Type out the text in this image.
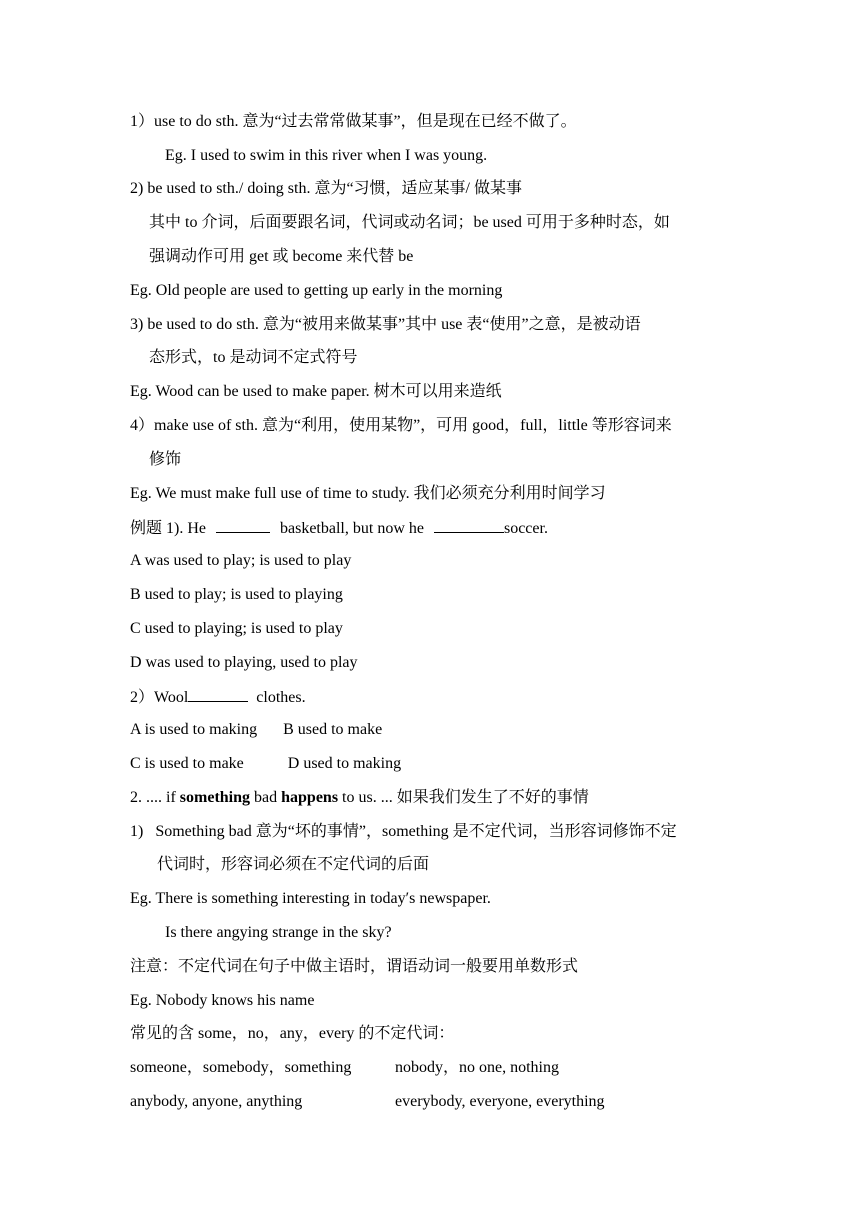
1）use to do sth. 意为“过去常常做某事”，但是现在已经不做了。
Eg. I used to swim in this river when I was young.
2) be used to sth./ doing sth. 意为“习惯，适应某事/ 做某事
其中 to 介词，后面要跟名词，代词或动名词；be used 可用于多种时态，如
强调动作可用 get 或 become 来代替 be
Eg. Old people are used to getting up early in the morning
3) be used to do sth. 意为“被用来做某事”其中 use 表“使用”之意，是被动语
态形式，to 是动词不定式符号
Eg. Wood can be used to make paper. 树木可以用来造纸
4）make use of sth. 意为“利用，使用某物”，可用 good，full，little 等形容词来
修饰
Eg. We must make full use of time to study. 我们必须充分利用时间学习
例题 1). He	basketball, but now he	soccer.
A was used to play; is used to play
B used to play; is used to playing
C used to playing; is used to play
D was used to playing, used to play
2）Wool	clothes.
A is used to making B used to make
C is used to make	D used to making
2. .... if something bad happens to us. ... 如果我们发生了不好的事情
1) Something bad 意为“坏的事情”，something 是不定代词，当形容词修饰不定
代词时，形容词必须在不定代词的后面
Eg. There is something interesting in today′s newspaper.
Is there angying strange in the sky?
注意：不定代词在句子中做主语时，谓语动词一般要用单数形式
Eg. Nobody knows his name
常见的含 some，no，any，every 的不定代词：
someone，somebody，something	nobody，no one, nothing
anybody, anyone, anything	everybody, everyone, everything
